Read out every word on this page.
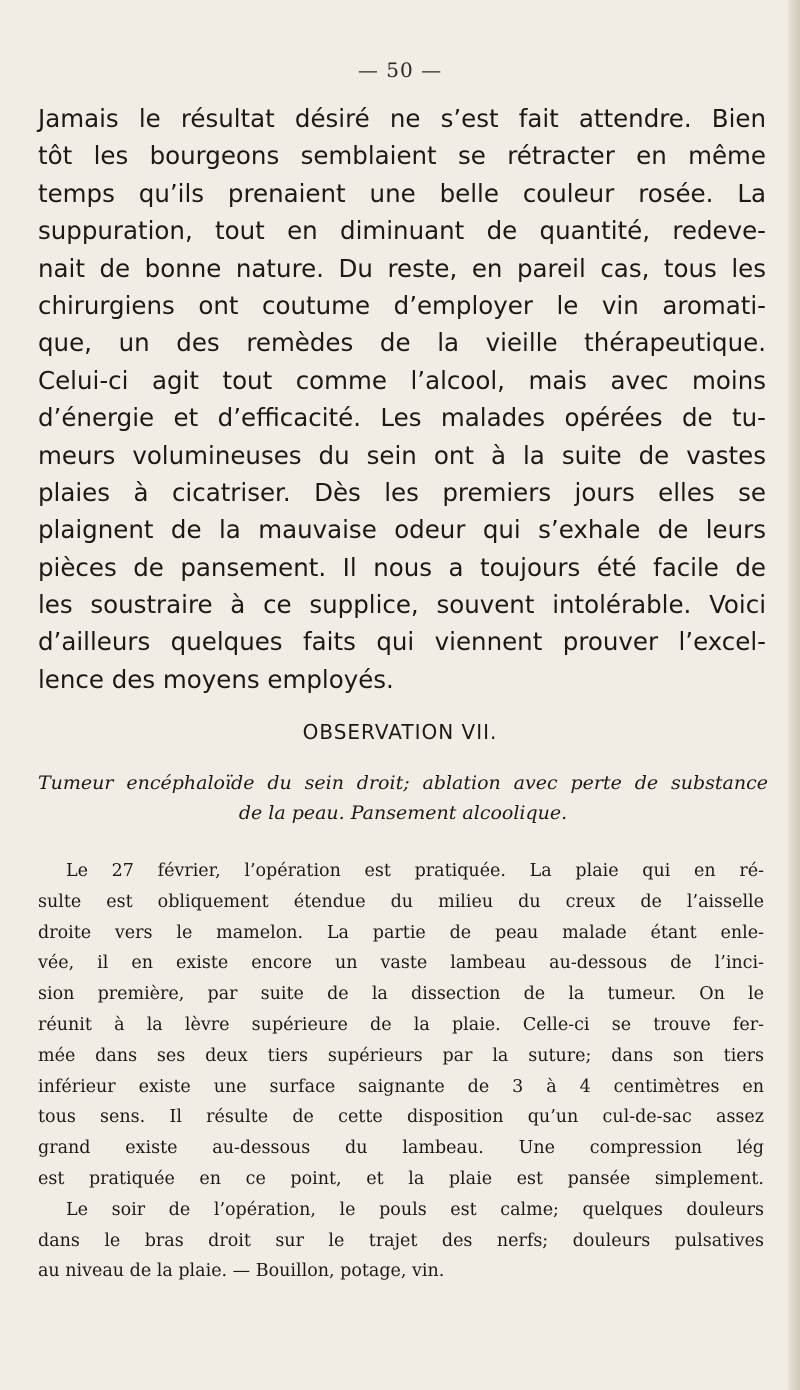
— 50 —
Jamais le résultat désiré ne s’est fait attendre. Bien
tôt les bourgeons semblaient se rétracter en même
temps qu’ils prenaient une belle couleur rosée. La
suppuration, tout en diminuant de quantité, redeve-
nait de bonne nature. Du reste, en pareil cas, tous les
chirurgiens ont coutume d’employer le vin aromati-
que, un des remèdes de la vieille thérapeutique.
Celui-ci agit tout comme l’alcool, mais avec moins
d’énergie et d’efficacité. Les malades opérées de tu-
meurs volumineuses du sein ont à la suite de vastes
plaies à cicatriser. Dès les premiers jours elles se
plaignent de la mauvaise odeur qui s’exhale de leurs
pièces de pansement. Il nous a toujours été facile de
les soustraire à ce supplice, souvent intolérable. Voici
d’ailleurs quelques faits qui viennent prouver l’excel-
lence des moyens employés.
OBSERVATION VII.
Tumeur encéphaloïde du sein droit; ablation avec perte de substance
de la peau. Pansement alcoolique.
Le 27 février, l’opération est pratiquée. La plaie qui en ré-
sulte est obliquement étendue du milieu du creux de l’aisselle
droite vers le mamelon. La partie de peau malade étant enle-
vée, il en existe encore un vaste lambeau au-dessous de l’inci-
sion première, par suite de la dissection de la tumeur. On le
réunit à la lèvre supérieure de la plaie. Celle-ci se trouve fer-
mée dans ses deux tiers supérieurs par la suture; dans son tiers
inférieur existe une surface saignante de 3 à 4 centimètres en
tous sens. Il résulte de cette disposition qu’un cul-de-sac assez
grand existe au-dessous du lambeau. Une compression lég
est pratiquée en ce point, et la plaie est pansée simplement.
Le soir de l’opération, le pouls est calme; quelques douleurs
dans le bras droit sur le trajet des nerfs; douleurs pulsatives
au niveau de la plaie. — Bouillon, potage, vin.
